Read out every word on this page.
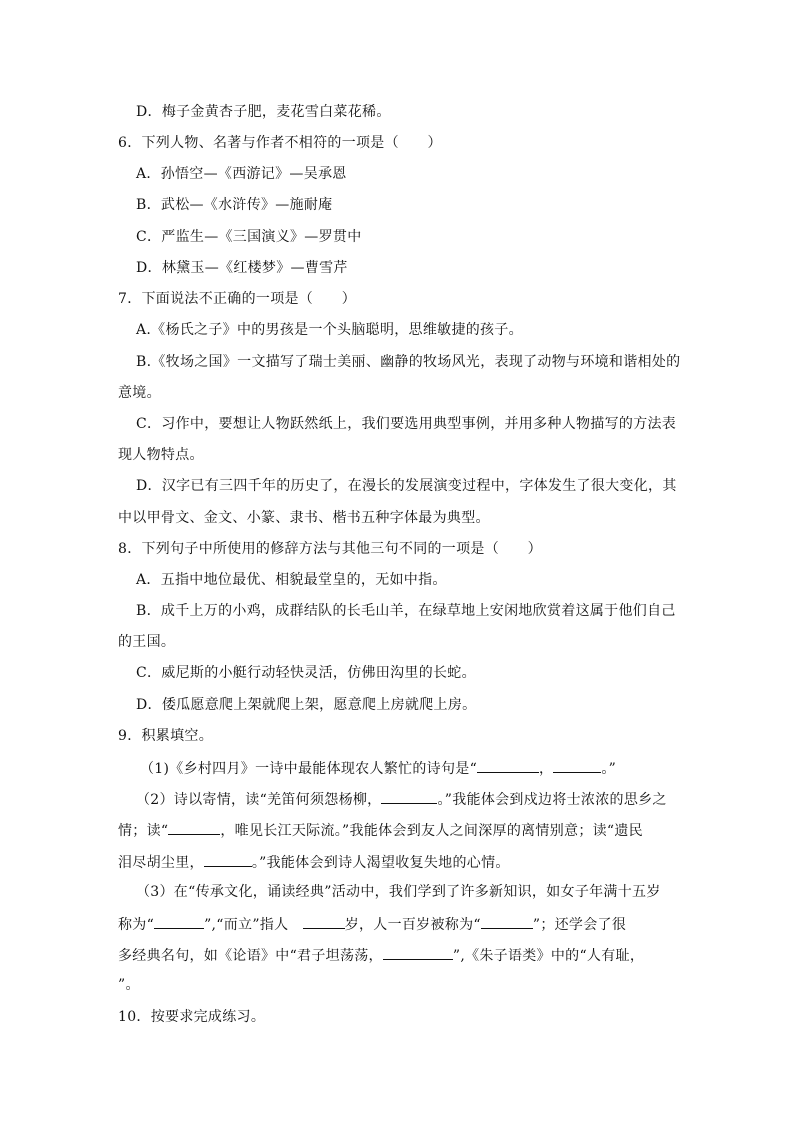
D．梅子金黄杏子肥，麦花雪白菜花稀。
6．下列人物、名著与作者不相符的一项是（　　）
A．孙悟空—《西游记》—吴承恩
B．武松—《水浒传》—施耐庵
C．严监生—《三国演义》—罗贯中
D．林黛玉—《红楼梦》—曹雪芹
7．下面说法不正确的一项是（　　）
A.《杨氏之子》中的男孩是一个头脑聪明，思维敏捷的孩子。
B.《牧场之国》一文描写了瑞士美丽、幽静的牧场风光，表现了动物与环境和谐相处的
意境。
C．习作中，要想让人物跃然纸上，我们要选用典型事例，并用多种人物描写的方法表
现人物特点。
D．汉字已有三四千年的历史了，在漫长的发展演变过程中，字体发生了很大变化，其
中以甲骨文、金文、小篆、隶书、楷书五种字体最为典型。
8．下列句子中所使用的修辞方法与其他三句不同的一项是（　　）
A．五指中地位最优、相貌最堂皇的，无如中指。
B．成千上万的小鸡，成群结队的长毛山羊，在绿草地上安闲地欣赏着这属于他们自己
的王国。
C．威尼斯的小艇行动轻快灵活，仿佛田沟里的长蛇。
D．倭瓜愿意爬上架就爬上架，愿意爬上房就爬上房。
9．积累填空。
（1)《乡村四月》一诗中最能体现农人繁忙的诗句是“	，	。”
（2）诗以寄情，读“羌笛何须怨杨柳，	。”我能体会到戍边将士浓浓的思乡之
情；读“	，唯见长江天际流。”我能体会到友人之间深厚的离情别意；读“遗民
泪尽胡尘里，	。”我能体会到诗人渴望收复失地的心情。
（3）在“传承文化，诵读经典”活动中，我们学到了许多新知识，如女子年满十五岁
称为“	”,“而立”指人　	岁，人一百岁被称为“	”；还学会了很
多经典名句，如《论语》中“君子坦荡荡，	”,《朱子语类》中的“人有耻，
”。
10．按要求完成练习。
